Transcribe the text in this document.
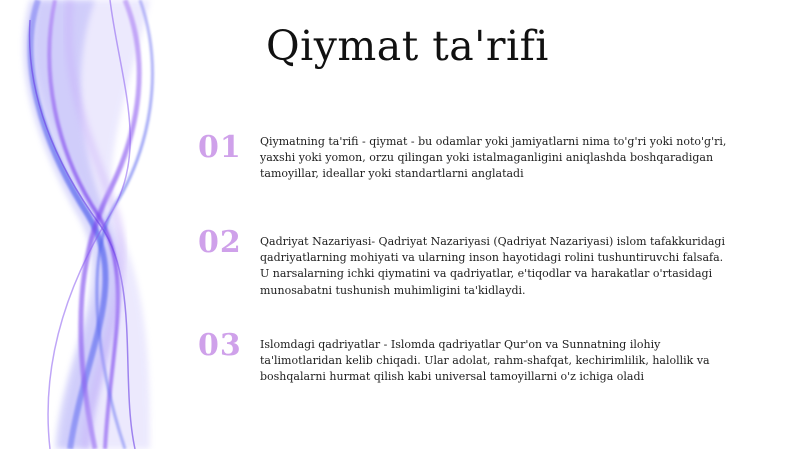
Qiymat ta'rifi
01 Qiymatning ta'rifi - qiymat - bu odamlar yoki jamiyatlarni nima to'g'ri yoki noto'g'ri, yaxshi yoki yomon, orzu qilingan yoki istalmaganligini aniqlashda boshqaradigan tamoyillar, ideallar yoki standartlarni anglatadi

02 Qadriyat Nazariyasi- Qadriyat Nazariyasi (Qadriyat Nazariyasi) islom tafakkuridagi qadriyatlarning mohiyati va ularning inson hayotidagi rolini tushuntiruvchi falsafa. U narsalarning ichki qiymatini va qadriyatlar, e'tiqodlar va harakatlar o'rtasidagi munosabatni tushunish muhimligini ta'kidlaydi.

03 Islomdagi qadriyatlar - Islomda qadriyatlar Qur'on va Sunnatning ilohiy ta'limotlaridan kelib chiqadi. Ular adolat, rahm-shafqat, kechirimlilik, halollik va boshqalarni hurmat qilish kabi universal tamoyillarni o'z ichiga oladi
